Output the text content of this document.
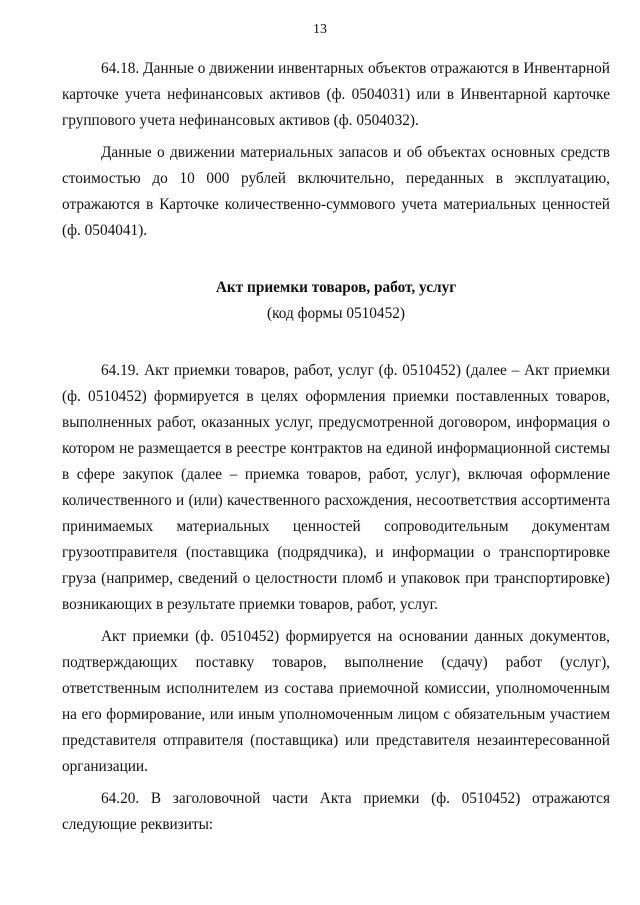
13

64.18. Данные о движении инвентарных объектов отражаются в Инвентарной карточке учета нефинансовых активов (ф. 0504031) или в Инвентарной карточке группового учета нефинансовых активов (ф. 0504032).

Данные о движении материальных запасов и об объектах основных средств стоимостью до 10 000 рублей включительно, переданных в эксплуатацию, отражаются в Карточке количественно-суммового учета материальных ценностей (ф. 0504041).

Акт приемки товаров, работ, услуг
(код формы 0510452)

64.19. Акт приемки товаров, работ, услуг (ф. 0510452) (далее – Акт приемки (ф. 0510452) формируется в целях оформления приемки поставленных товаров, выполненных работ, оказанных услуг, предусмотренной договором, информация о котором не размещается в реестре контрактов на единой информационной системы в сфере закупок (далее – приемка товаров, работ, услуг), включая оформление количественного и (или) качественного расхождения, несоответствия ассортимента принимаемых материальных ценностей сопроводительным документам грузоотправителя (поставщика (подрядчика), и информации о транспортировке груза (например, сведений о целостности пломб и упаковок при транспортировке) возникающих в результате приемки товаров, работ, услуг.

Акт приемки (ф. 0510452) формируется на основании данных документов, подтверждающих поставку товаров, выполнение (сдачу) работ (услуг), ответственным исполнителем из состава приемочной комиссии, уполномоченным на его формирование, или иным уполномоченным лицом с обязательным участием представителя отправителя (поставщика) или представителя незаинтересованной организации.

64.20. В заголовочной части Акта приемки (ф. 0510452) отражаются следующие реквизиты:
